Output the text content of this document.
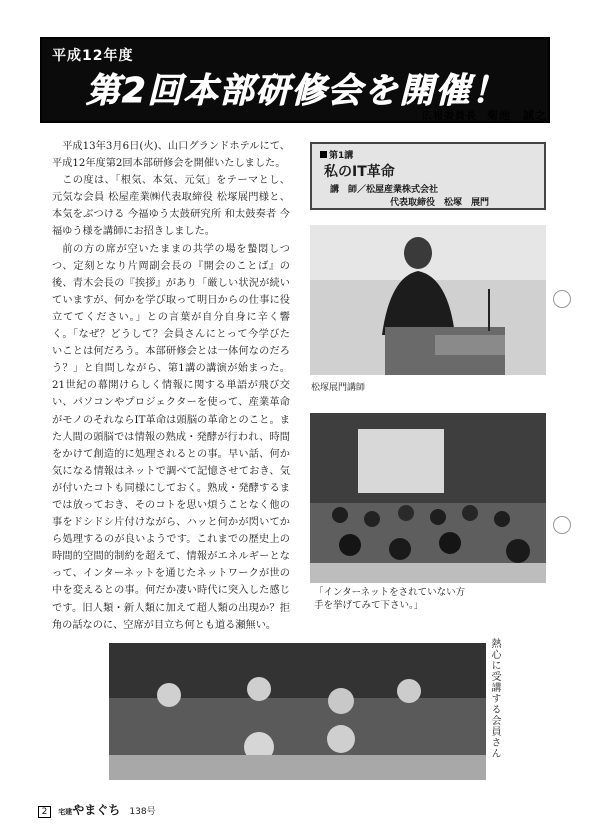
平成12年度
第2回本部研修会を開催！
広報委員長 菊池　誠之

平成13年3月6日(火)、山口グランドホテルにて、平成12年度第2回本部研修会を開催いたしました。

この度は、「根気、本気、元気」をテーマとし、元気な会員 松屋産業㈱代表取締役 松塚展門様と、本気をぶつける 今福ゆう太鼓研究所 和太鼓奏者 今福ゆう様を講師にお招きしました。

前の方の席が空いたままの共学の場を蟄悶しつつ、定刻となり片岡副会長の『開会のことば』の後、青木会長の『挨拶』があり「厳しい状況が続いていますが、何かを学び取って明日からの仕事に役立ててください。」との言葉が自分自身に辛く響く。「なぜ？どうして？会員さんにとって今学びたいことは何だろう。本部研修会とは一体何なのだろう？」と自問しながら、第1講の講演が始まった。21世紀の幕開けらしく情報に関する単語が飛び交い、パソコンやプロジェクターを使って、産業革命がモノのそれならIT革命は頭脳の革命とのこと。また人間の頭脳では情報の熟成・発酵が行われ、時間をかけて創造的に処理されるとの事。早い話、何か気になる情報はネットで調べて記憶させておき、気が付いたコトも同様にしておく。熟成・発酵するまでは放っておき、そのコトを思い煩うことなく他の事をドシドシ片付けながら、ハッと何かが閃いてから処理するのが良いようです。これまでの歴史上の時間的空間的制約を超えて、情報がエネルギーとなって、インターネットを通じたネットワークが世の中を変えるとの事。何だか凄い時代に突入した感じです。旧人類・新人類に加えて超人類の出現か？拒角の話なのに、空席が目立ち何とも道る瀬無い。

第1講
私のIT革命
講　師／松屋産業株式会社
代表取締役　松塚　展門
松塚展門講師
「インターネットをされていない方
手を挙げてみて下さい。」
熱心に受講する会員さん
2 宅建やまぐち 138号
